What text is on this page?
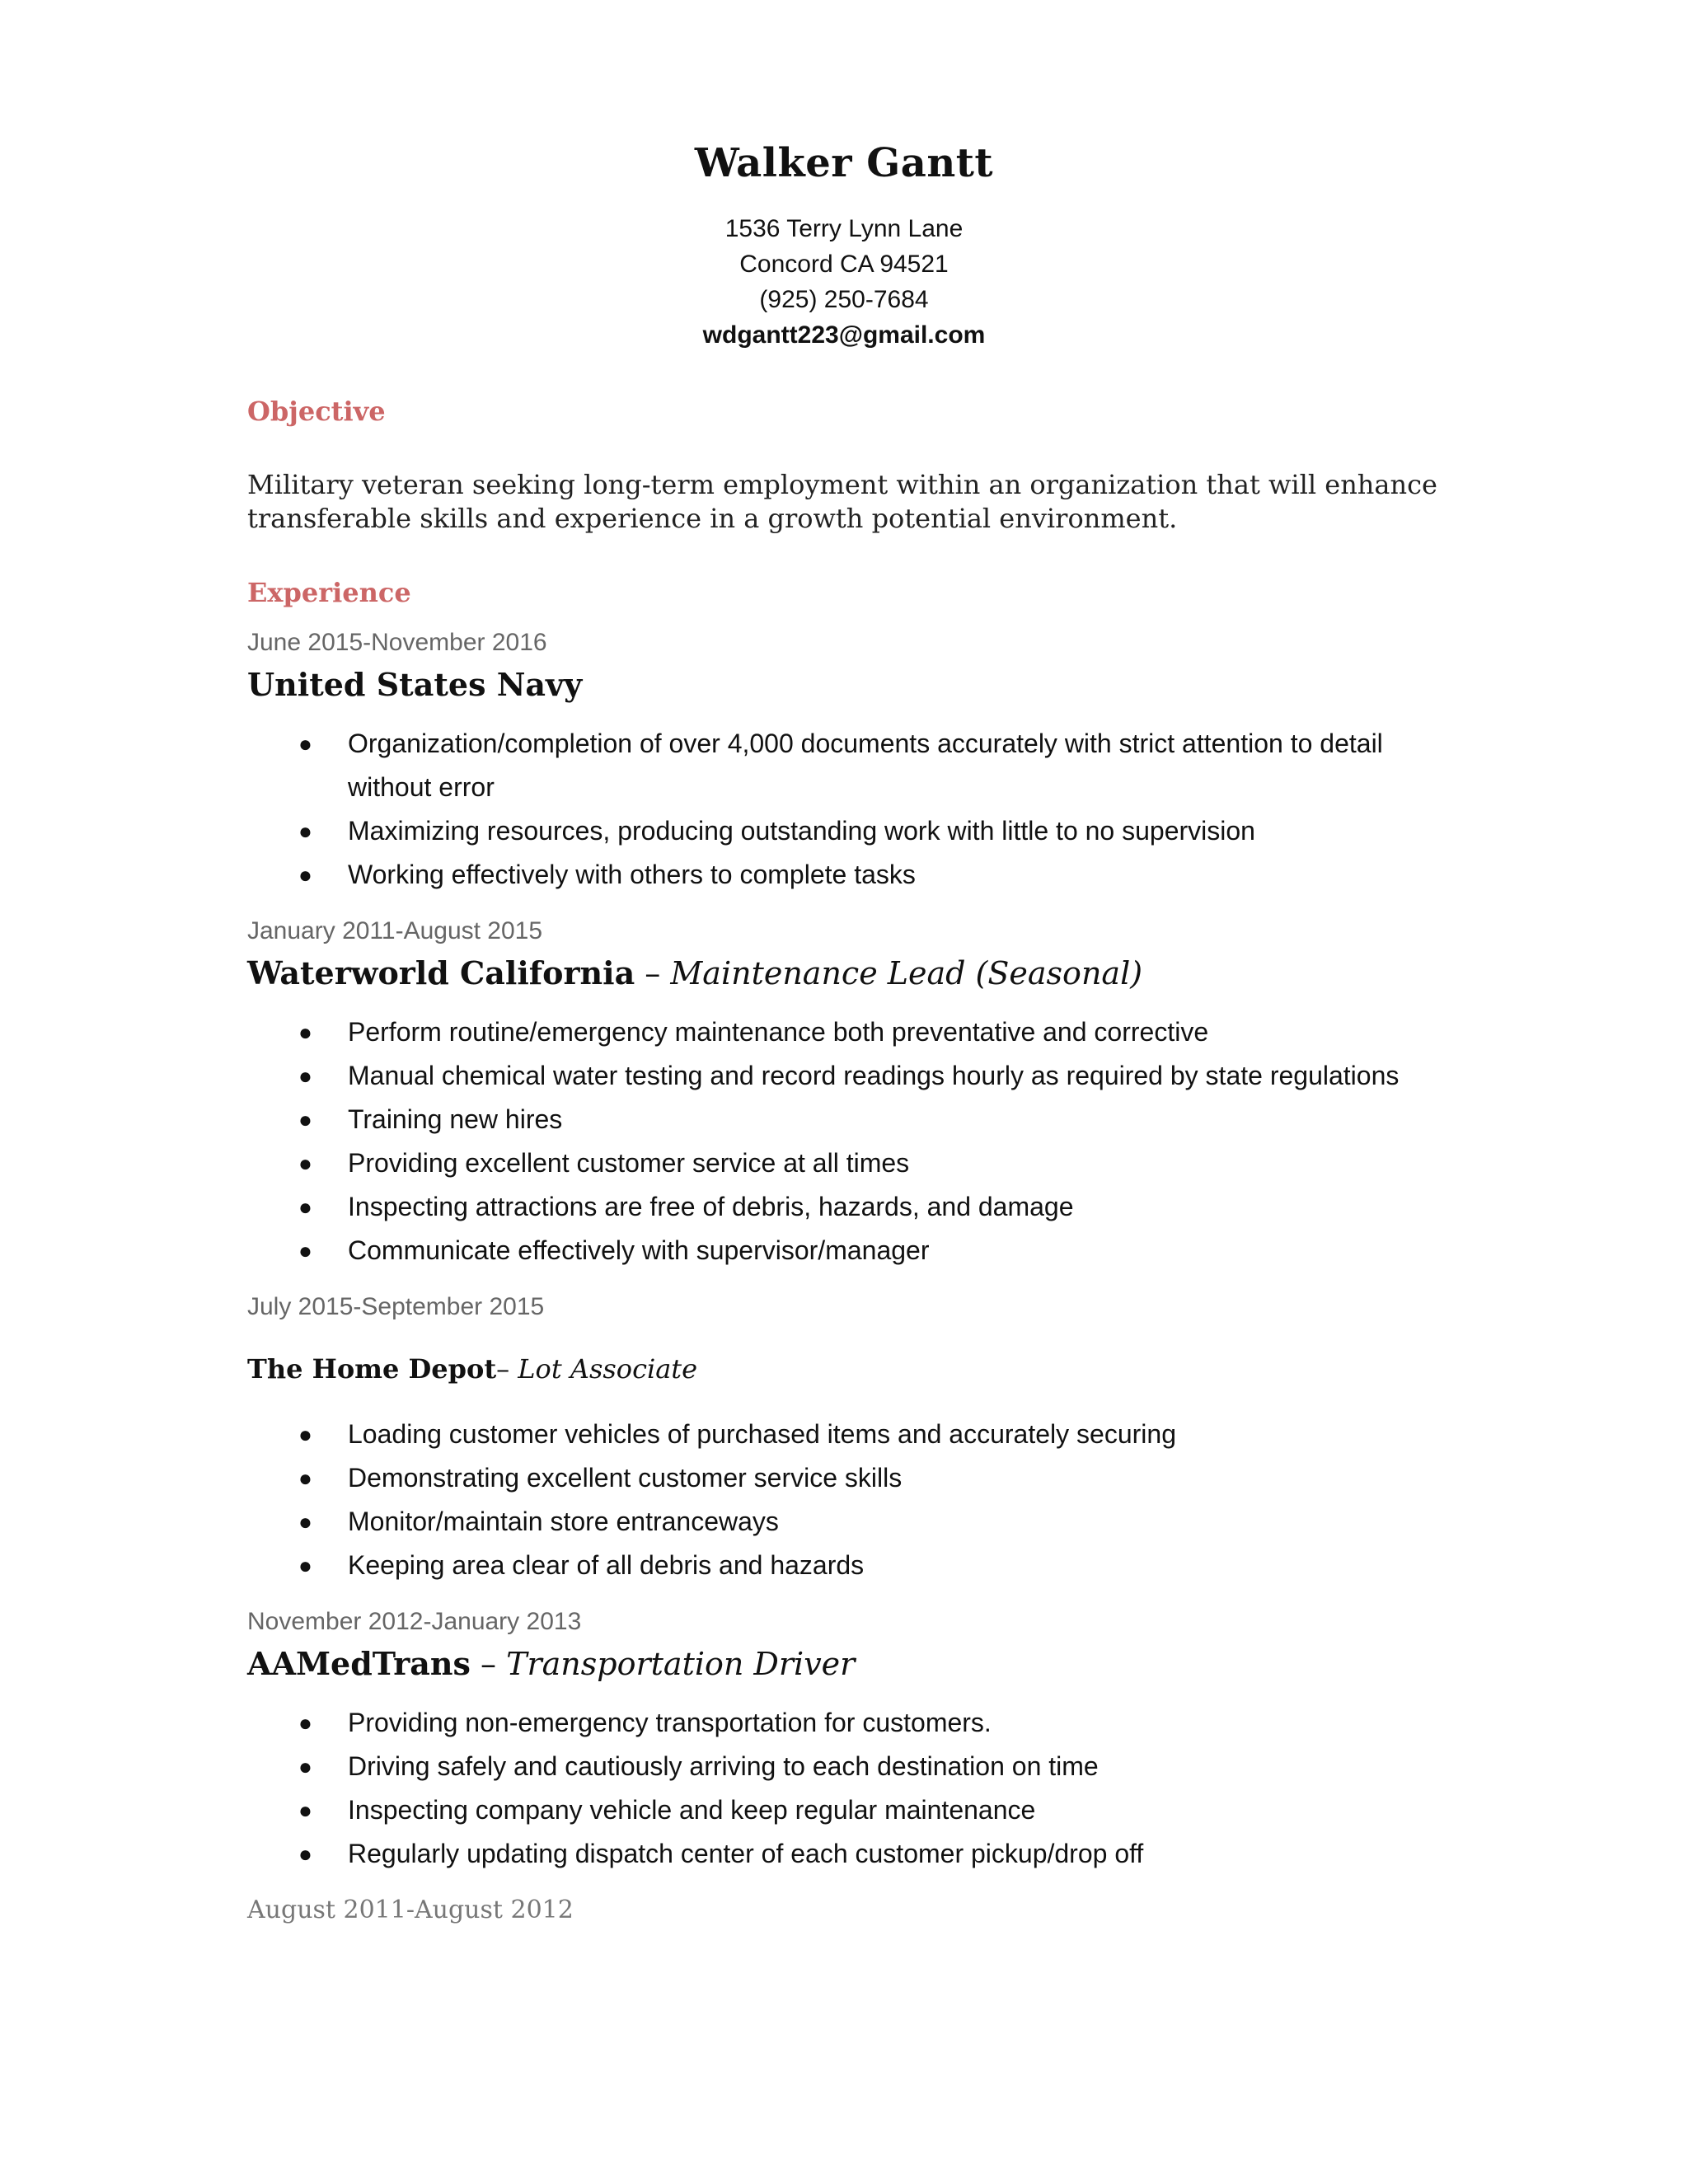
Walker Gantt
1536 Terry Lynn Lane
Concord CA 94521
(925) 250-7684
wdgantt223@gmail.com
Objective

Military veteran seeking long-term employment within an organization that will enhance transferable skills and experience in a growth potential environment.

Experience
June 2015-November 2016
United States Navy
● Organization/completion of over 4,000 documents accurately with strict attention to detail without error
● Maximizing resources, producing outstanding work with little to no supervision
● Working effectively with others to complete tasks
January 2011-August 2015
Waterworld California – Maintenance Lead (Seasonal)
● Perform routine/emergency maintenance both preventative and corrective
● Manual chemical water testing and record readings hourly as required by state regulations
● Training new hires
● Providing excellent customer service at all times
● Inspecting attractions are free of debris, hazards, and damage
● Communicate effectively with supervisor/manager
July 2015-September 2015
The Home Depot– Lot Associate
● Loading customer vehicles of purchased items and accurately securing
● Demonstrating excellent customer service skills
● Monitor/maintain store entranceways
● Keeping area clear of all debris and hazards
November 2012-January 2013
AAMedTrans – Transportation Driver
● Providing non-emergency transportation for customers.
● Driving safely and cautiously arriving to each destination on time
● Inspecting company vehicle and keep regular maintenance
● Regularly updating dispatch center of each customer pickup/drop off
August 2011-August 2012
